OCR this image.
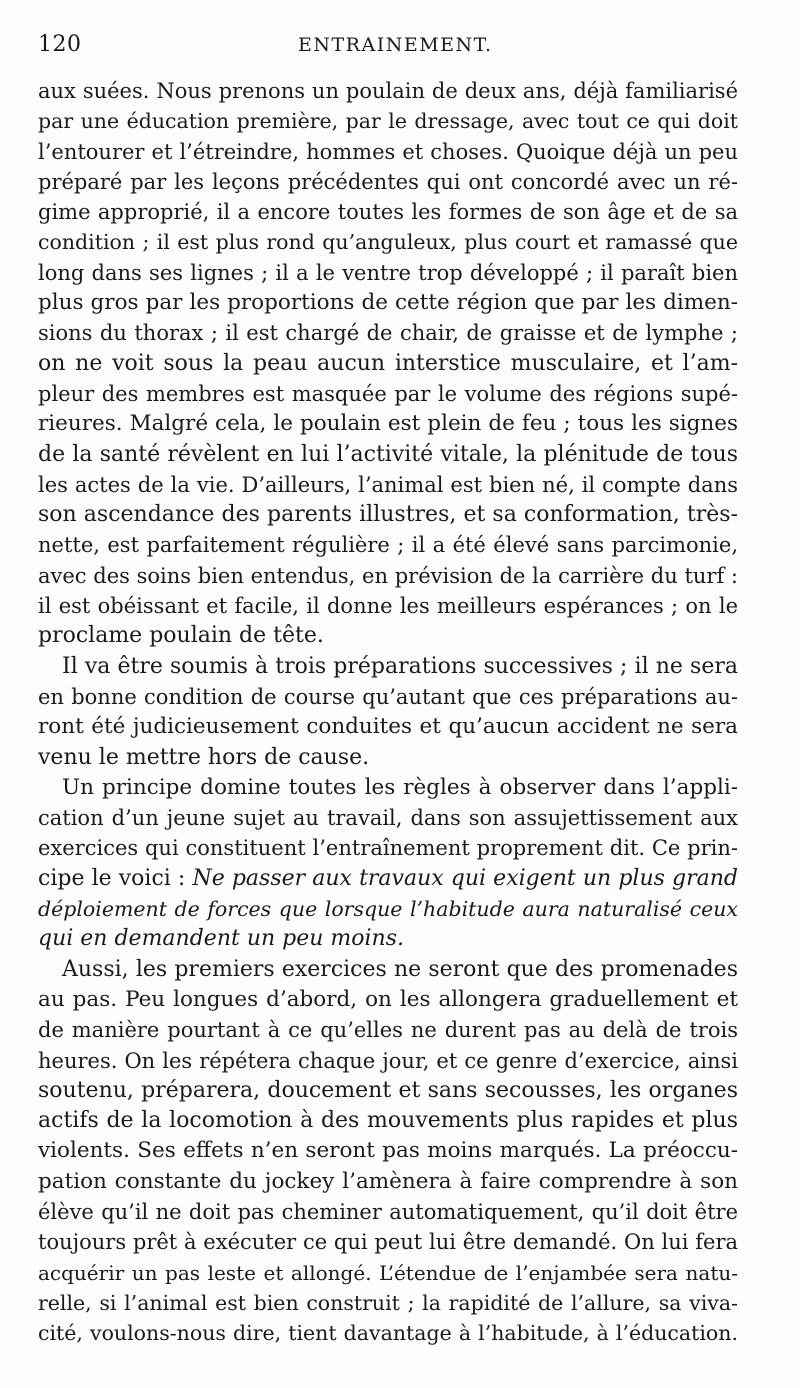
120	ENTRAINEMENT.
aux suées. Nous prenons un poulain de deux ans, déjà familiarisé
par une éducation première, par le dressage, avec tout ce qui doit
l’entourer et l’étreindre, hommes et choses. Quoique déjà un peu
préparé par les leçons précédentes qui ont concordé avec un ré-
gime approprié, il a encore toutes les formes de son âge et de sa
condition ; il est plus rond qu’anguleux, plus court et ramassé que
long dans ses lignes ; il a le ventre trop développé ; il paraît bien
plus gros par les proportions de cette région que par les dimen-
sions du thorax ; il est chargé de chair, de graisse et de lymphe ;
on ne voit sous la peau aucun interstice musculaire, et l’am-
pleur des membres est masquée par le volume des régions supé-
rieures. Malgré cela, le poulain est plein de feu ; tous les signes
de la santé révèlent en lui l’activité vitale, la plénitude de tous
les actes de la vie. D’ailleurs, l’animal est bien né, il compte dans
son ascendance des parents illustres, et sa conformation, très-
nette, est parfaitement régulière ; il a été élevé sans parcimonie,
avec des soins bien entendus, en prévision de la carrière du turf :
il est obéissant et facile, il donne les meilleurs espérances ; on le
proclame poulain de tête.
Il va être soumis à trois préparations successives ; il ne sera
en bonne condition de course qu’autant que ces préparations au-
ront été judicieusement conduites et qu’aucun accident ne sera
venu le mettre hors de cause.
Un principe domine toutes les règles à observer dans l’appli-
cation d’un jeune sujet au travail, dans son assujettissement aux
exercices qui constituent l’entraînement proprement dit. Ce prin-
cipe le voici : Ne passer aux travaux qui exigent un plus grand
déploiement de forces que lorsque l’habitude aura naturalisé ceux
qui en demandent un peu moins.
Aussi, les premiers exercices ne seront que des promenades
au pas. Peu longues d’abord, on les allongera graduellement et
de manière pourtant à ce qu’elles ne durent pas au delà de trois
heures. On les répétera chaque jour, et ce genre d’exercice, ainsi
soutenu, préparera, doucement et sans secousses, les organes
actifs de la locomotion à des mouvements plus rapides et plus
violents. Ses effets n’en seront pas moins marqués. La préoccu-
pation constante du jockey l’amènera à faire comprendre à son
élève qu’il ne doit pas cheminer automatiquement, qu’il doit être
toujours prêt à exécuter ce qui peut lui être demandé. On lui fera
acquérir un pas leste et allongé. L’étendue de l’enjambée sera natu-
relle, si l’animal est bien construit ; la rapidité de l’allure, sa viva-
cité, voulons-nous dire, tient davantage à l’habitude, à l’éducation.
